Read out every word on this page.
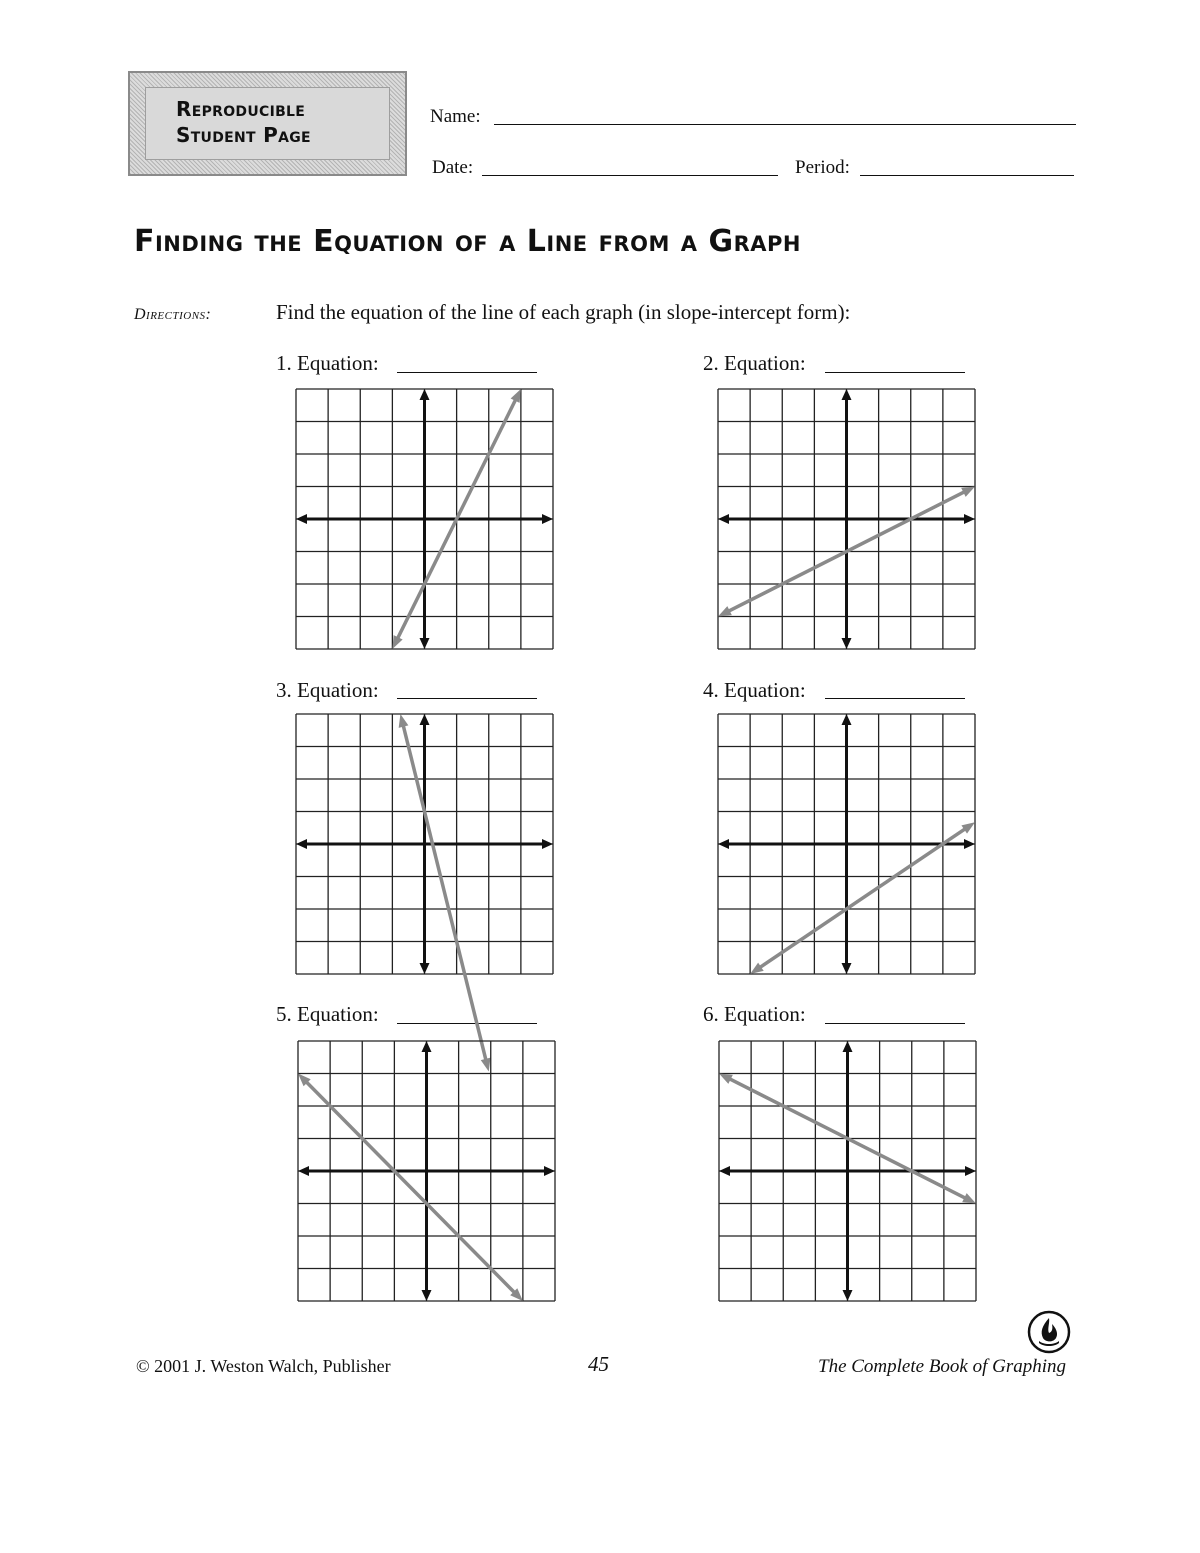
Reproducible
Student Page
Name:
Date:	Period:
Finding the Equation of a Line from a Graph
Directions:	Find the equation of the line of each graph (in slope-intercept form):
1. Equation:	2. Equation:
3. Equation:	4. Equation:
5. Equation:	6. Equation:
© 2001 J. Weston Walch, Publisher	45	The Complete Book of Graphing
